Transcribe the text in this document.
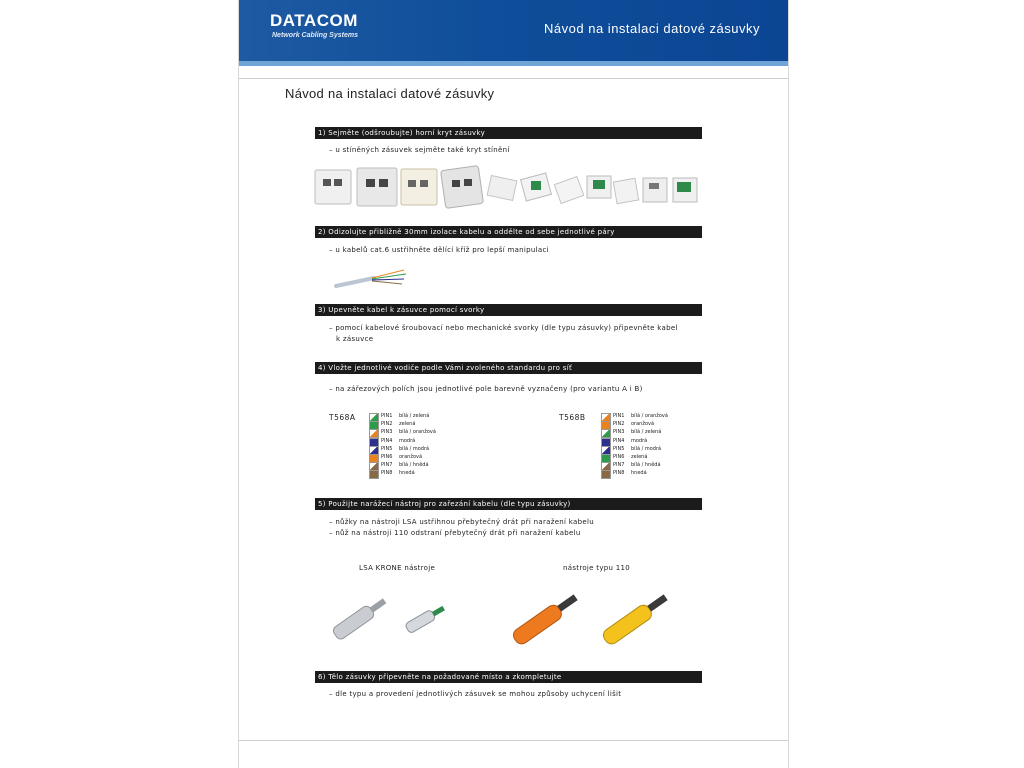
DATACOM
Network Cabling Systems	Návod na instalaci datové zásuvky
Návod na instalaci datové zásuvky
1) Sejměte (odšroubujte) horní kryt zásuvky
– u stíněných zásuvek sejměte také kryt stínění
2) Odizolujte přibližně 30mm izolace kabelu a oddělte od sebe jednotlivé páry
– u kabelů cat.6 ustřihněte dělící kříž pro lepší manipulaci
3) Upevněte kabel k zásuvce pomocí svorky
– pomocí kabelové šroubovací nebo mechanické svorky (dle typu zásuvky) připevněte kabel
k zásuvce
4) Vložte jednotlivé vodiče podle Vámi zvoleného standardu pro síť
– na zářezových polích jsou jednotlivé pole barevně vyznačeny (pro variantu A i B)
T568A	PIN1 bílá / zelená
PIN2 zelená
PIN3 bílá / oranžová
PIN4 modrá
PIN5 bílá / modrá
PIN6 oranžová
PIN7 bílá / hnědá
PIN8 hnedá
T568B	PIN1 bílá / oranžová
PIN2 oranžová
PIN3 bílá / zelená
PIN4 modrá
PIN5 bílá / modrá
PIN6 zelená
PIN7 bílá / hnědá
PIN8 hnedá
5) Použijte narážecí nástroj pro zařezání kabelu (dle typu zásuvky)
– nůžky na nástroji LSA ustřihnou přebytečný drát při naražení kabelu
– nůž na nástroji 110 odstraní přebytečný drát při naražení kabelu
LSA KRONE nástroje	nástroje typu 110
6) Tělo zásuvky připevněte na požadované místo a zkompletujte
– dle typu a provedení jednotlivých zásuvek se mohou způsoby uchycení lišit
